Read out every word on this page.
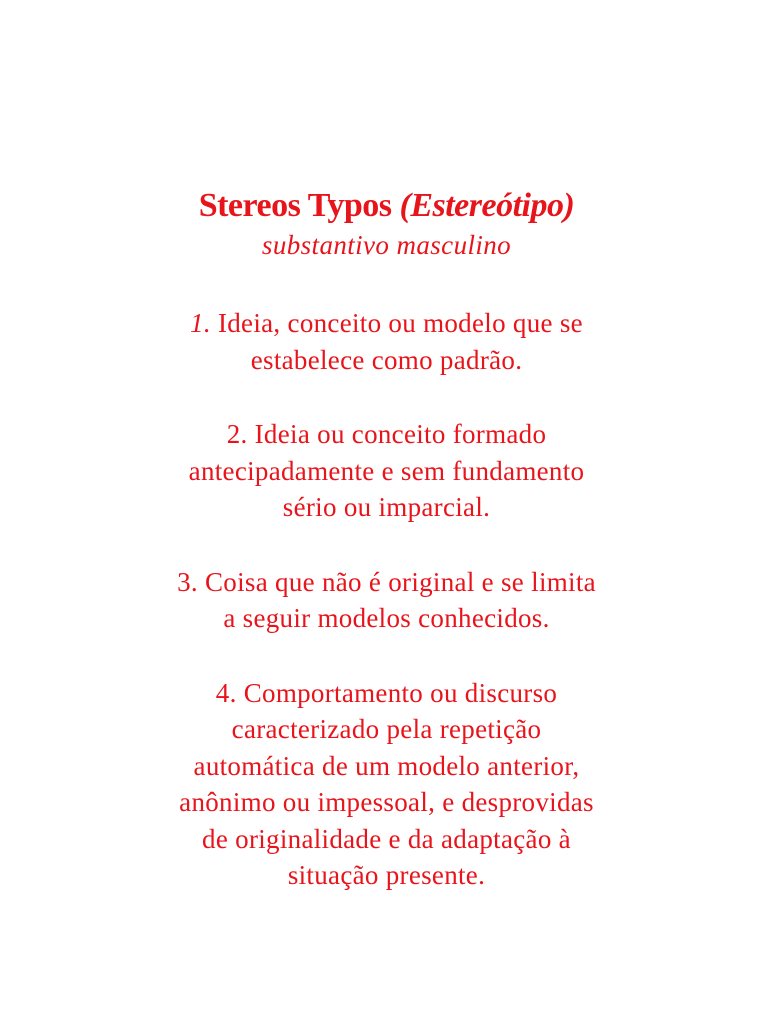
Stereos Typos (Estereótipo)

substantivo masculino

1. Ideia, conceito ou modelo que se
estabelece como padrão.
2. Ideia ou conceito formado
antecipadamente e sem fundamento
sério ou imparcial.
3. Coisa que não é original e se limita
a seguir modelos conhecidos.
4. Comportamento ou discurso
caracterizado pela repetição
automática de um modelo anterior,
anônimo ou impessoal, e desprovidas
de originalidade e da adaptação à
situação presente.
